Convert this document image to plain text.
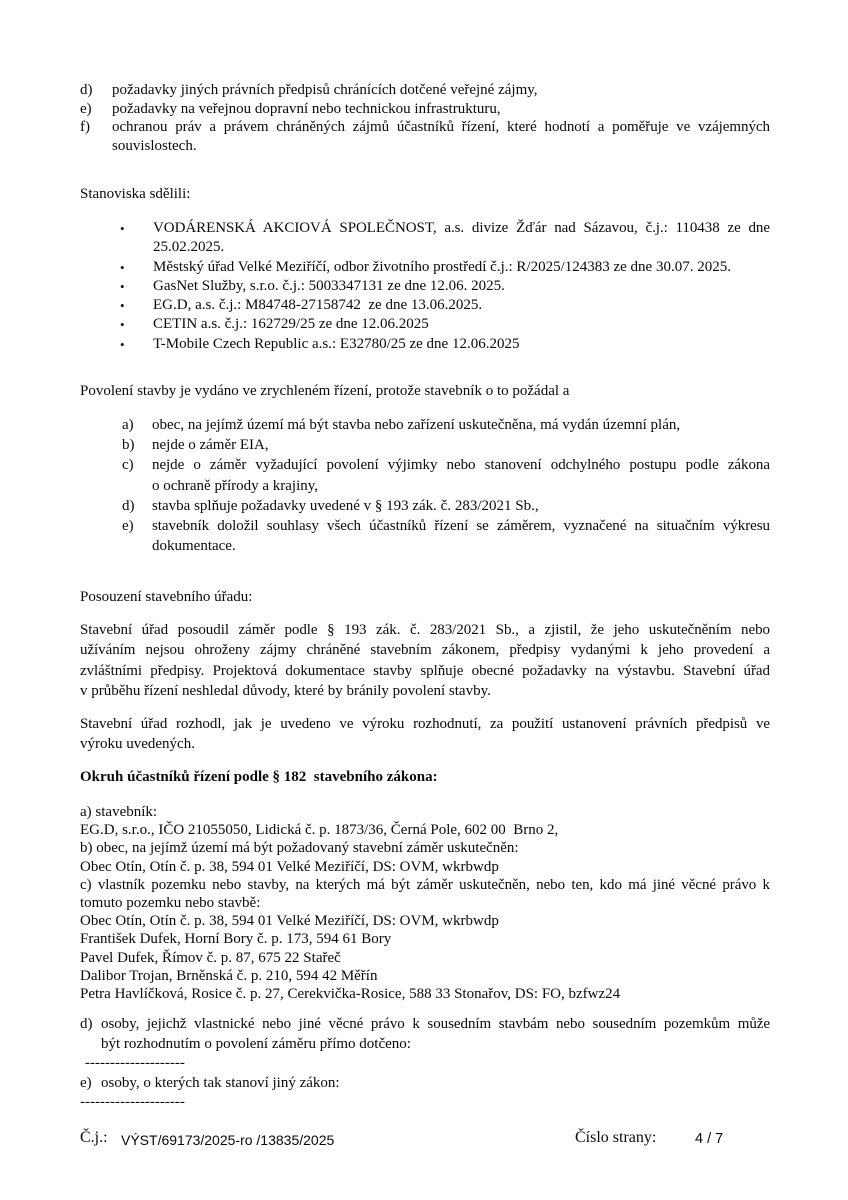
d) požadavky jiných právních předpisů chránících dotčené veřejné zájmy,
e) požadavky na veřejnou dopravní nebo technickou infrastrukturu,
f) ochranou práv a právem chráněných zájmů účastníků řízení, které hodnotí a poměřuje ve vzájemných
souvislostech.
Stanoviska sdělili:
• VODÁRENSKÁ AKCIOVÁ SPOLEČNOST, a.s. divize Žďár nad Sázavou, č.j.: 110438 ze dne
25.02.2025.
• Městský úřad Velké Meziříčí, odbor životního prostředí č.j.: R/2025/124383 ze dne 30.07. 2025.
• GasNet Služby, s.r.o. č.j.: 5003347131 ze dne 12.06. 2025.
• EG.D, a.s. č.j.: M84748-27158742  ze dne 13.06.2025.
• CETIN a.s. č.j.: 162729/25 ze dne 12.06.2025
• T-Mobile Czech Republic a.s.: E32780/25 ze dne 12.06.2025
Povolení stavby je vydáno ve zrychleném řízení, protože stavebník o to požádal a
a) obec, na jejímž území má být stavba nebo zařízení uskutečněna, má vydán územní plán,
b) nejde o záměr EIA,
c) nejde o záměr vyžadující povolení výjimky nebo stanovení odchylného postupu podle zákona
o ochraně přírody a krajiny,
d) stavba splňuje požadavky uvedené v § 193 zák. č. 283/2021 Sb.,
e) stavebník doložil souhlasy všech účastníků řízení se záměrem, vyznačené na situačním výkresu
dokumentace.
Posouzení stavebního úřadu:
Stavební úřad posoudil záměr podle § 193 zák. č. 283/2021 Sb., a zjistil, že jeho uskutečněním nebo
užíváním nejsou ohroženy zájmy chráněné stavebním zákonem, předpisy vydanými k jeho provedení a
zvláštními předpisy. Projektová dokumentace stavby splňuje obecné požadavky na výstavbu. Stavební úřad
v průběhu řízení neshledal důvody, které by bránily povolení stavby.
Stavební úřad rozhodl, jak je uvedeno ve výroku rozhodnutí, za použití ustanovení právních předpisů ve
výroku uvedených.
Okruh účastníků řízení podle § 182  stavebního zákona:
a) stavebník:
EG.D, s.r.o., IČO 21055050, Lidická č. p. 1873/36, Černá Pole, 602 00  Brno 2,
b) obec, na jejímž území má být požadovaný stavební záměr uskutečněn:
Obec Otín, Otín č. p. 38, 594 01 Velké Meziříčí, DS: OVM, wkrbwdp
c) vlastník pozemku nebo stavby, na kterých má být záměr uskutečněn, nebo ten, kdo má jiné věcné právo k
tomuto pozemku nebo stavbě:
Obec Otín, Otín č. p. 38, 594 01 Velké Meziříčí, DS: OVM, wkrbwdp
František Dufek, Horní Bory č. p. 173, 594 61 Bory
Pavel Dufek, Římov č. p. 87, 675 22 Stařeč
Dalibor Trojan, Brněnská č. p. 210, 594 42 Měřín
Petra Havlíčková, Rosice č. p. 27, Cerekvička-Rosice, 588 33 Stonařov, DS: FO, bzfwz24
d) osoby, jejichž vlastnické nebo jiné věcné právo k sousedním stavbám nebo sousedním pozemkům může
být rozhodnutím o povolení záměru přímo dotčeno:
--------------------
e) osoby, o kterých tak stanoví jiný zákon:
---------------------
Č.j.: VÝST/69173/2025-ro /13835/2025	Číslo strany:	4 / 7
